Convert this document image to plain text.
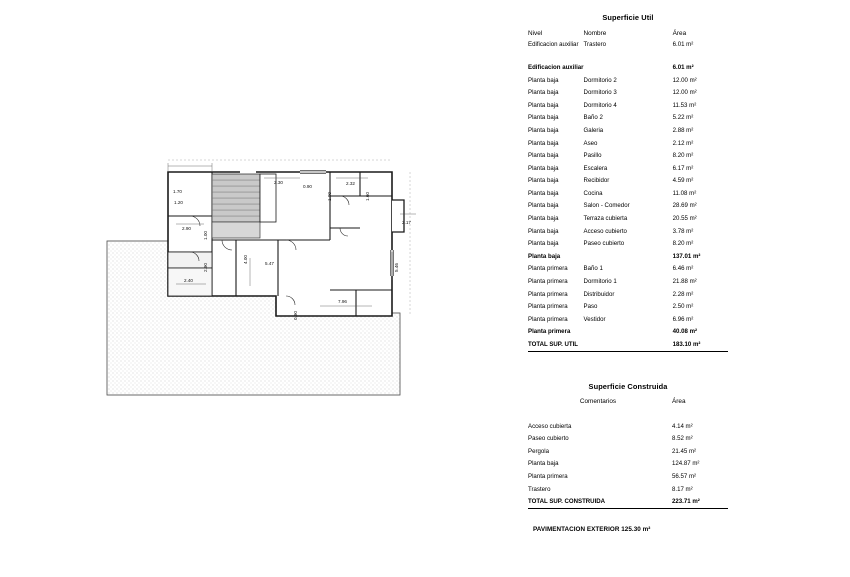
1.20
1.70
2.30
0.90
2.32
1.90	1.60
2.17
2.90
1.00
4.00	5.47	5.46
2.90
2.40
7.96
0.90
Superficie Util		
Nivel	Nombre	Área
Edificacion auxiliar	Trastero	6.01 m²
Edificacion auxiliar		6.01 m²
Planta baja	Dormitorio 2	12.00 m²
Planta baja	Dormitorio 3	12.00 m²
Planta baja	Dormitorio 4	11.53 m²
Planta baja	Baño 2	5.22 m²
Planta baja	Galeria	2.88 m²
Planta baja	Aseo	2.12 m²
Planta baja	Pasillo	8.20 m²
Planta baja	Escalera	6.17 m²
Planta baja	Recibidor	4.59 m²
Planta baja	Cocina	11.08 m²
Planta baja	Salon - Comedor	28.69 m²
Planta baja	Terraza cubierta	20.55 m²
Planta baja	Acceso cubierto	3.78 m²
Planta baja	Paseo cubierto	8.20 m²
Planta baja		137.01 m²
Planta primera	Baño 1	6.46 m²
Planta primera	Dormitorio 1	21.88 m²
Planta primera	Distribuidor	2.28 m²
Planta primera	Paso	2.50 m²
Planta primera	Vestidor	6.96 m²
Planta primera		40.08 m²
TOTAL SUP. UTIL		183.10 m²
Superficie Construida	
Comentarios	Área

Acceso cubierta	4.14 m²
Paseo cubierto	8.52 m²
Pergola	21.45 m²
Planta baja	124.87 m²
Planta primera	56.57 m²
Trastero	8.17 m²
TOTAL SUP. CONSTRUIDA	223.71 m²
PAVIMENTACION EXTERIOR 125.30 m²
